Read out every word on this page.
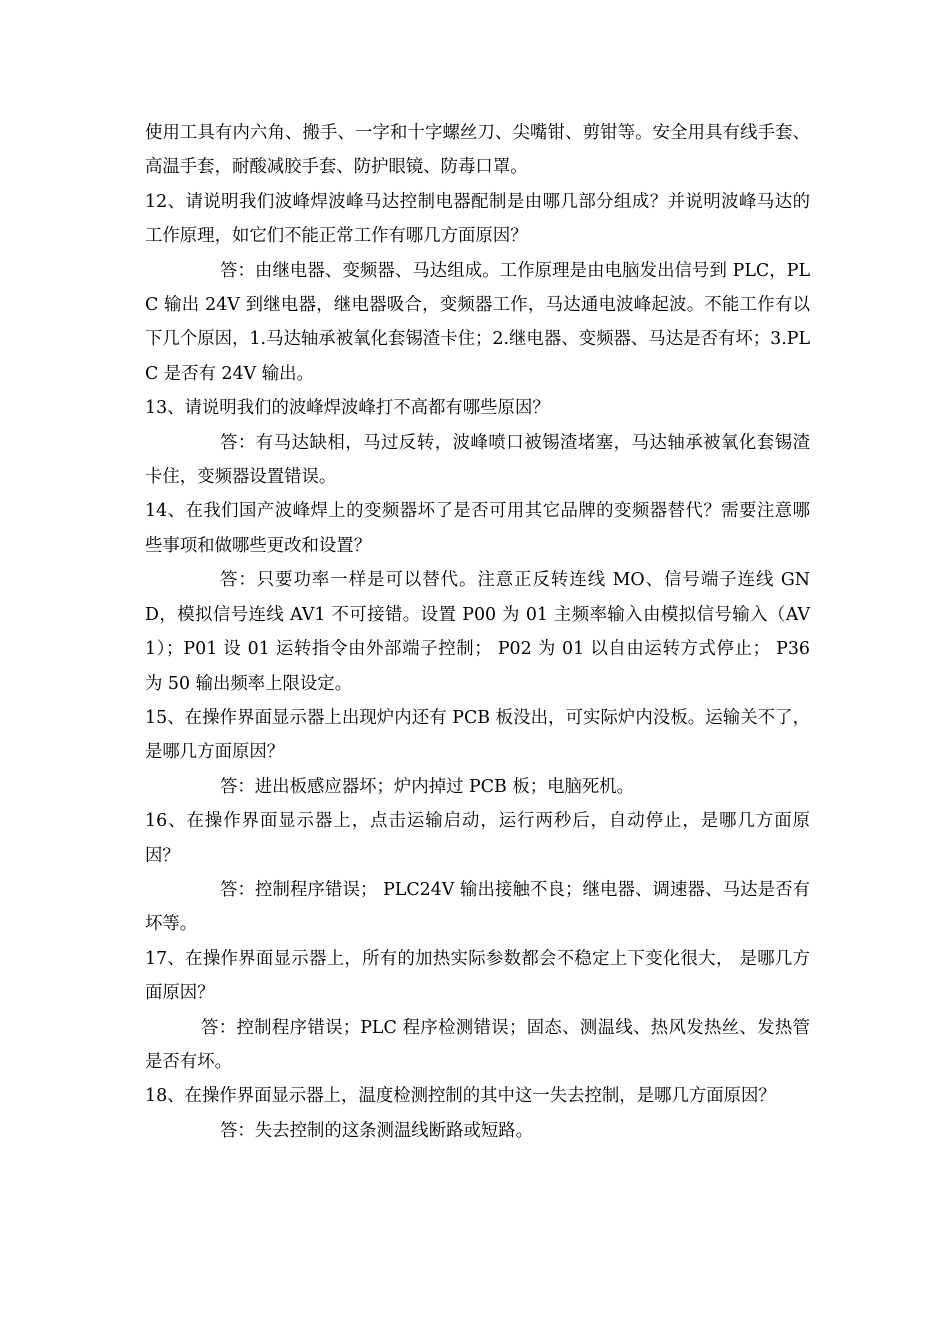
使用工具有内六角、搬手、一字和十字螺丝刀、尖嘴钳、剪钳等。安全用具有线手套、高温手套，耐酸减胶手套、防护眼镜、防毒口罩。

12、请说明我们波峰焊波峰马达控制电器配制是由哪几部分组成？并说明波峰马达的工作原理，如它们不能正常工作有哪几方面原因？

答：由继电器、变频器、马达组成。工作原理是由电脑发出信号到 PLC，PLC 输出 24V 到继电器，继电器吸合，变频器工作，马达通电波峰起波。不能工作有以下几个原因，1.马达轴承被氧化套锡渣卡住；2.继电器、变频器、马达是否有坏；3.PLC 是否有 24V 输出。

13、请说明我们的波峰焊波峰打不高都有哪些原因？

答：有马达缺相，马过反转，波峰喷口被锡渣堵塞，马达轴承被氧化套锡渣卡住，变频器设置错误。

14、在我们国产波峰焊上的变频器坏了是否可用其它品牌的变频器替代？需要注意哪些事项和做哪些更改和设置？

答：只要功率一样是可以替代。注意正反转连线 MO、信号端子连线 GND，模拟信号连线 AV1 不可接错。设置 P00 为 01 主频率输入由模拟信号输入（AV1）；P01 设 01 运转指令由外部端子控制； P02 为 01 以自由运转方式停止； P36 为 50 输出频率上限设定。

15、在操作界面显示器上出现炉内还有 PCB 板没出，可实际炉内没板。运输关不了，是哪几方面原因？

答：进出板感应器坏；炉内掉过 PCB 板；电脑死机。

16、在操作界面显示器上，点击运输启动，运行两秒后，自动停止，是哪几方面原因？

答：控制程序错误； PLC24V 输出接触不良；继电器、调速器、马达是否有坏等。

17、在操作界面显示器上，所有的加热实际参数都会不稳定上下变化很大， 是哪几方面原因？

答：控制程序错误；PLC 程序检测错误；固态、测温线、热风发热丝、发热管是否有坏。

18、在操作界面显示器上，温度检测控制的其中这一失去控制，是哪几方面原因？

答：失去控制的这条测温线断路或短路。
